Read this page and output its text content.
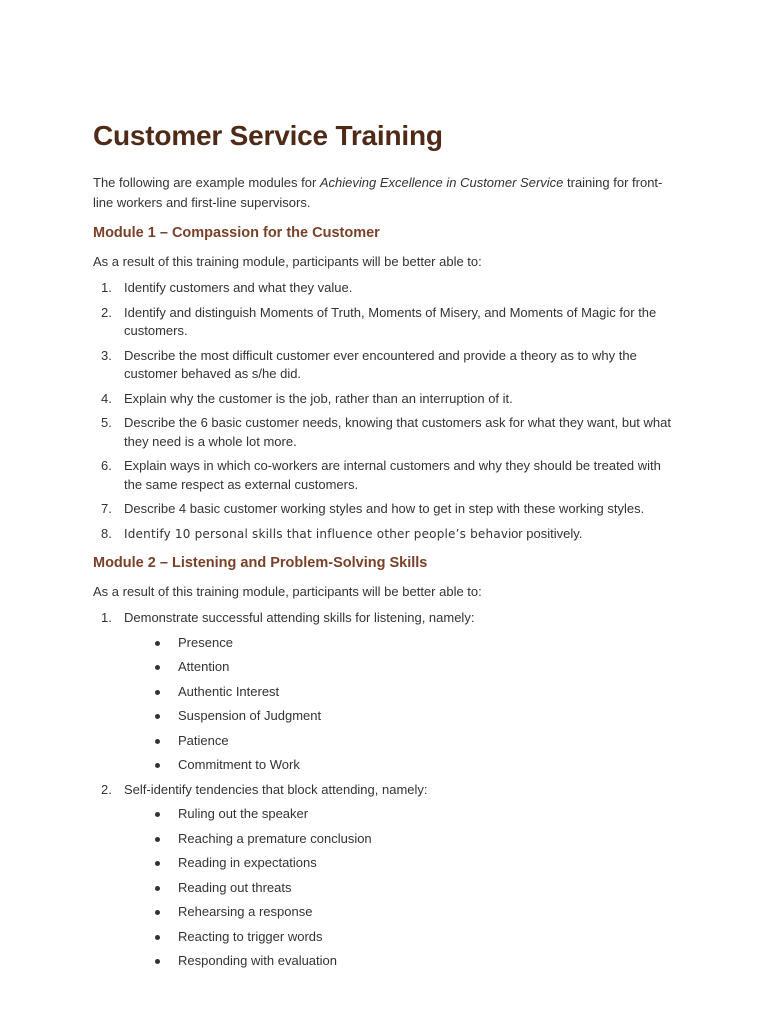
Customer Service Training

The following are example modules for Achieving Excellence in Customer Service training for front-line workers and first-line supervisors.

Module 1 – Compassion for the Customer

As a result of this training module, participants will be better able to:

1. Identify customers and what they value.
2. Identify and distinguish Moments of Truth, Moments of Misery, and Moments of Magic for the customers.
3. Describe the most difficult customer ever encountered and provide a theory as to why the customer behaved as s/he did.
4. Explain why the customer is the job, rather than an interruption of it.
5. Describe the 6 basic customer needs, knowing that customers ask for what they want, but what they need is a whole lot more.
6. Explain ways in which co-workers are internal customers and why they should be treated with the same respect as external customers.
7. Describe 4 basic customer working styles and how to get in step with these working styles.
8. Identify 10 personal skills that influence other people’s behavior positively.
Module 2 – Listening and Problem-Solving Skills

As a result of this training module, participants will be better able to:

1. Demonstrate successful attending skills for listening, namely:
Presence
Attention
Authentic Interest
Suspension of Judgment
Patience
Commitment to Work
2. Self-identify tendencies that block attending, namely:
Ruling out the speaker
Reaching a premature conclusion
Reading in expectations
Reading out threats
Rehearsing a response
Reacting to trigger words
Responding with evaluation
